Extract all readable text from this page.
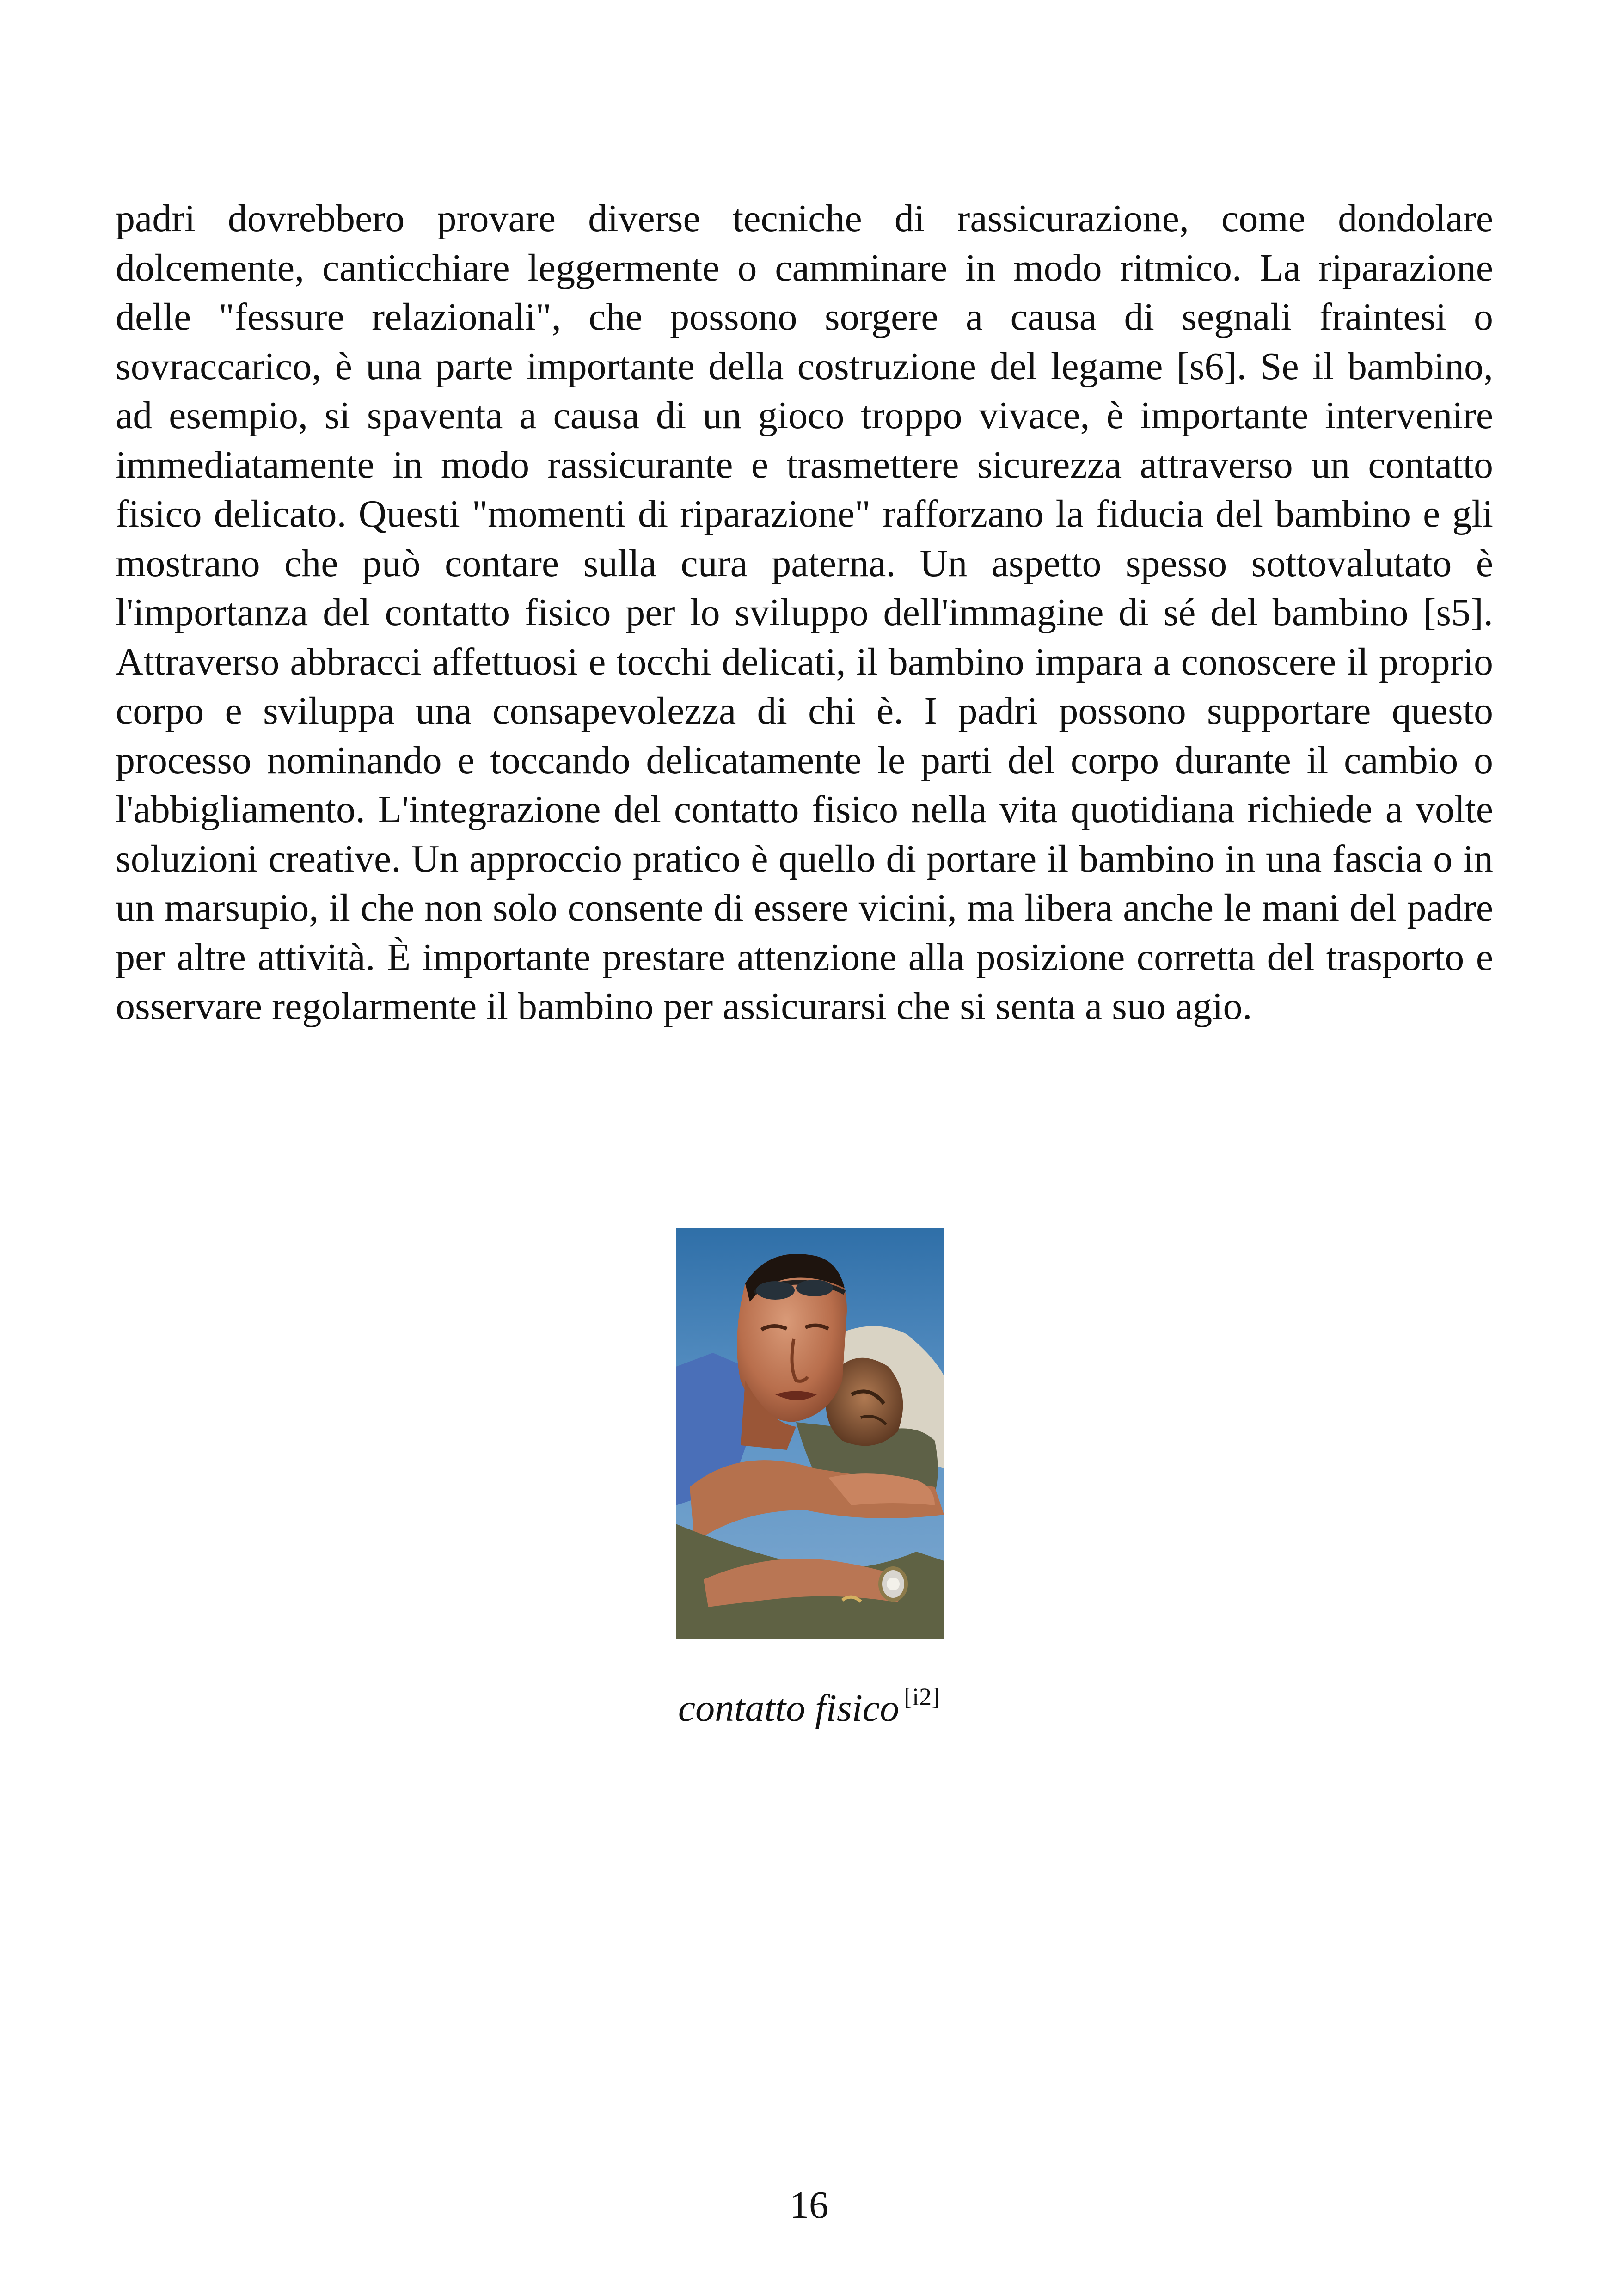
padri dovrebbero provare diverse tecniche di rassicurazione, come dondolare dolcemente, canticchiare leggermente o camminare in modo ritmico. La riparazione delle "fessure relazionali", che possono sorgere a causa di segnali fraintesi o sovraccarico, è una parte importante della costruzione del legame [s6]. Se il bambino, ad esempio, si spaventa a causa di un gioco troppo vivace, è importante intervenire immediatamente in modo rassicurante e trasmettere sicurezza attraverso un contatto fisico delicato. Questi "momenti di riparazione" rafforzano la fiducia del bambino e gli mostrano che può contare sulla cura paterna. Un aspetto spesso sottovalutato è l'importanza del contatto fisico per lo sviluppo dell'immagine di sé del bambino [s5]. Attraverso abbracci affettuosi e tocchi delicati, il bambino impara a conoscere il proprio corpo e sviluppa una consapevolezza di chi è. I padri possono supportare questo processo nominando e toccando delicatamente le parti del corpo durante il cambio o l'abbigliamento. L'integrazione del contatto fisico nella vita quotidiana richiede a volte soluzioni creative. Un approccio pratico è quello di portare il bambino in una fascia o in un marsupio, il che non solo consente di essere vicini, ma libera anche le mani del padre per altre attività. È importante prestare attenzione alla posizione corretta del trasporto e osservare regolarmente il bambino per assicurarsi che si senta a suo agio.

contatto fisico [i2]
16
